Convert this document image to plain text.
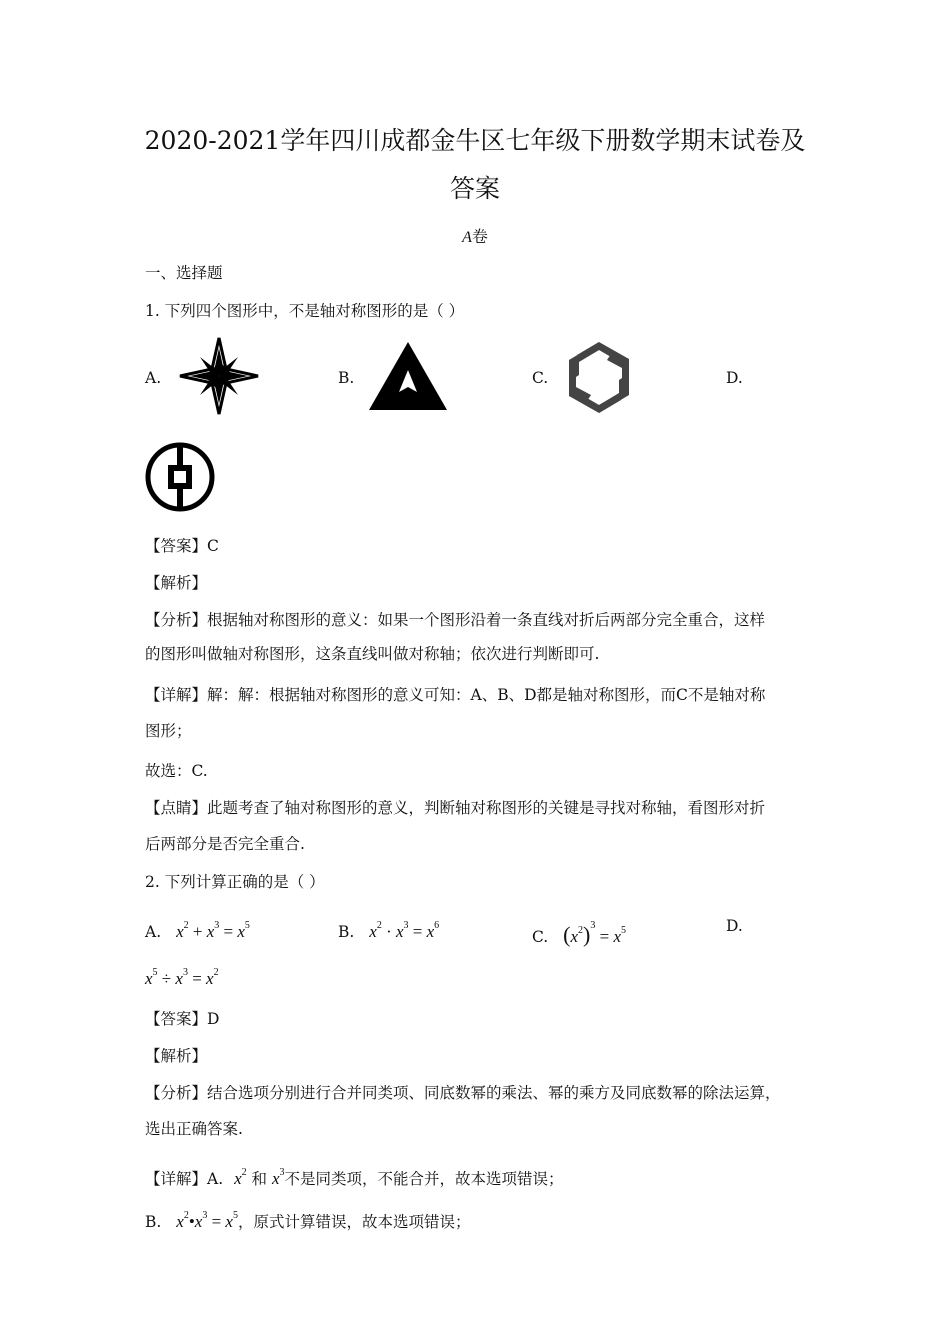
2020-2021学年四川成都金牛区七年级下册数学期末试卷及
答案
A卷
一、选择题
1. 下列四个图形中，不是轴对称图形的是（ ）
A.	B.	C.	D.
【答案】C
【解析】
【分析】根据轴对称图形的意义：如果一个图形沿着一条直线对折后两部分完全重合，这样
的图形叫做轴对称图形，这条直线叫做对称轴；依次进行判断即可.
【详解】解：解：根据轴对称图形的意义可知：A、B、D都是轴对称图形，而C不是轴对称
图形；
故选：C.
【点睛】此题考查了轴对称图形的意义，判断轴对称图形的关键是寻找对称轴，看图形对折
后两部分是否完全重合.
2. 下列计算正确的是（ ）
A. $x^2 + x^3 = x^5$	B. $x^2 \cdot x^3 = x^6$
C. $(x^2)^3 = x^5$	D.
$x^5 \div x^3 = x^2$
【答案】D
【解析】
【分析】结合选项分别进行合并同类项、同底数幂的乘法、幂的乘方及同底数幂的除法运算，
选出正确答案.
【详解】A. $x^2$ 和 $x^3$不是同类项，不能合并，故本选项错误；
B. $x^2•x^3 = x^5$，原式计算错误，故本选项错误；
